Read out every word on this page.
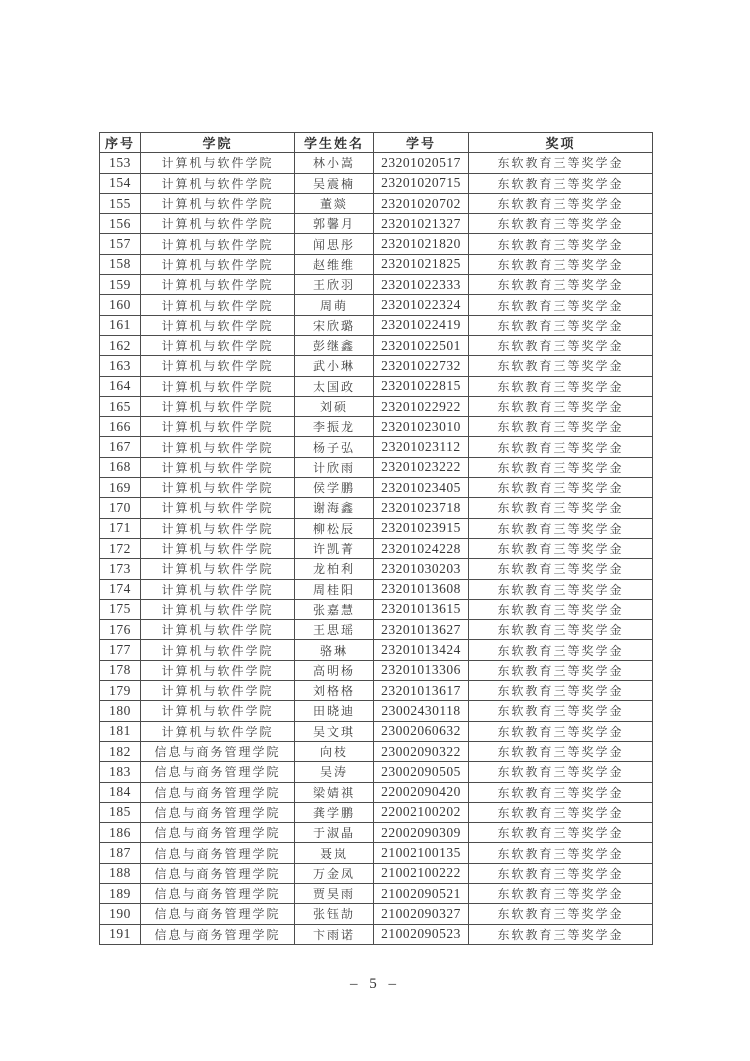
序号	学院	学生姓名	学号	奖项
153	计算机与软件学院	林小嵩	23201020517	东软教育三等奖学金
154	计算机与软件学院	吴震楠	23201020715	东软教育三等奖学金
155	计算机与软件学院	董燚	23201020702	东软教育三等奖学金
156	计算机与软件学院	郭馨月	23201021327	东软教育三等奖学金
157	计算机与软件学院	闻思彤	23201021820	东软教育三等奖学金
158	计算机与软件学院	赵维维	23201021825	东软教育三等奖学金
159	计算机与软件学院	王欣羽	23201022333	东软教育三等奖学金
160	计算机与软件学院	周萌	23201022324	东软教育三等奖学金
161	计算机与软件学院	宋欣璐	23201022419	东软教育三等奖学金
162	计算机与软件学院	彭继鑫	23201022501	东软教育三等奖学金
163	计算机与软件学院	武小琳	23201022732	东软教育三等奖学金
164	计算机与软件学院	太国政	23201022815	东软教育三等奖学金
165	计算机与软件学院	刘硕	23201022922	东软教育三等奖学金
166	计算机与软件学院	李振龙	23201023010	东软教育三等奖学金
167	计算机与软件学院	杨子弘	23201023112	东软教育三等奖学金
168	计算机与软件学院	计欣雨	23201023222	东软教育三等奖学金
169	计算机与软件学院	侯学鹏	23201023405	东软教育三等奖学金
170	计算机与软件学院	谢海鑫	23201023718	东软教育三等奖学金
171	计算机与软件学院	柳松辰	23201023915	东软教育三等奖学金
172	计算机与软件学院	许凯菁	23201024228	东软教育三等奖学金
173	计算机与软件学院	龙柏利	23201030203	东软教育三等奖学金
174	计算机与软件学院	周桂阳	23201013608	东软教育三等奖学金
175	计算机与软件学院	张嘉慧	23201013615	东软教育三等奖学金
176	计算机与软件学院	王思瑶	23201013627	东软教育三等奖学金
177	计算机与软件学院	骆琳	23201013424	东软教育三等奖学金
178	计算机与软件学院	高明杨	23201013306	东软教育三等奖学金
179	计算机与软件学院	刘格格	23201013617	东软教育三等奖学金
180	计算机与软件学院	田晓迪	23002430118	东软教育三等奖学金
181	计算机与软件学院	吴文琪	23002060632	东软教育三等奖学金
182	信息与商务管理学院	向枝	23002090322	东软教育三等奖学金
183	信息与商务管理学院	吴涛	23002090505	东软教育三等奖学金
184	信息与商务管理学院	梁婧祺	22002090420	东软教育三等奖学金
185	信息与商务管理学院	龚学鹏	22002100202	东软教育三等奖学金
186	信息与商务管理学院	于淑晶	22002090309	东软教育三等奖学金
187	信息与商务管理学院	聂岚	21002100135	东软教育三等奖学金
188	信息与商务管理学院	万金凤	21002100222	东软教育三等奖学金
189	信息与商务管理学院	贾昊雨	21002090521	东软教育三等奖学金
190	信息与商务管理学院	张钰劼	21002090327	东软教育三等奖学金
191	信息与商务管理学院	卞雨诺	21002090523	东软教育三等奖学金
– 5 –
